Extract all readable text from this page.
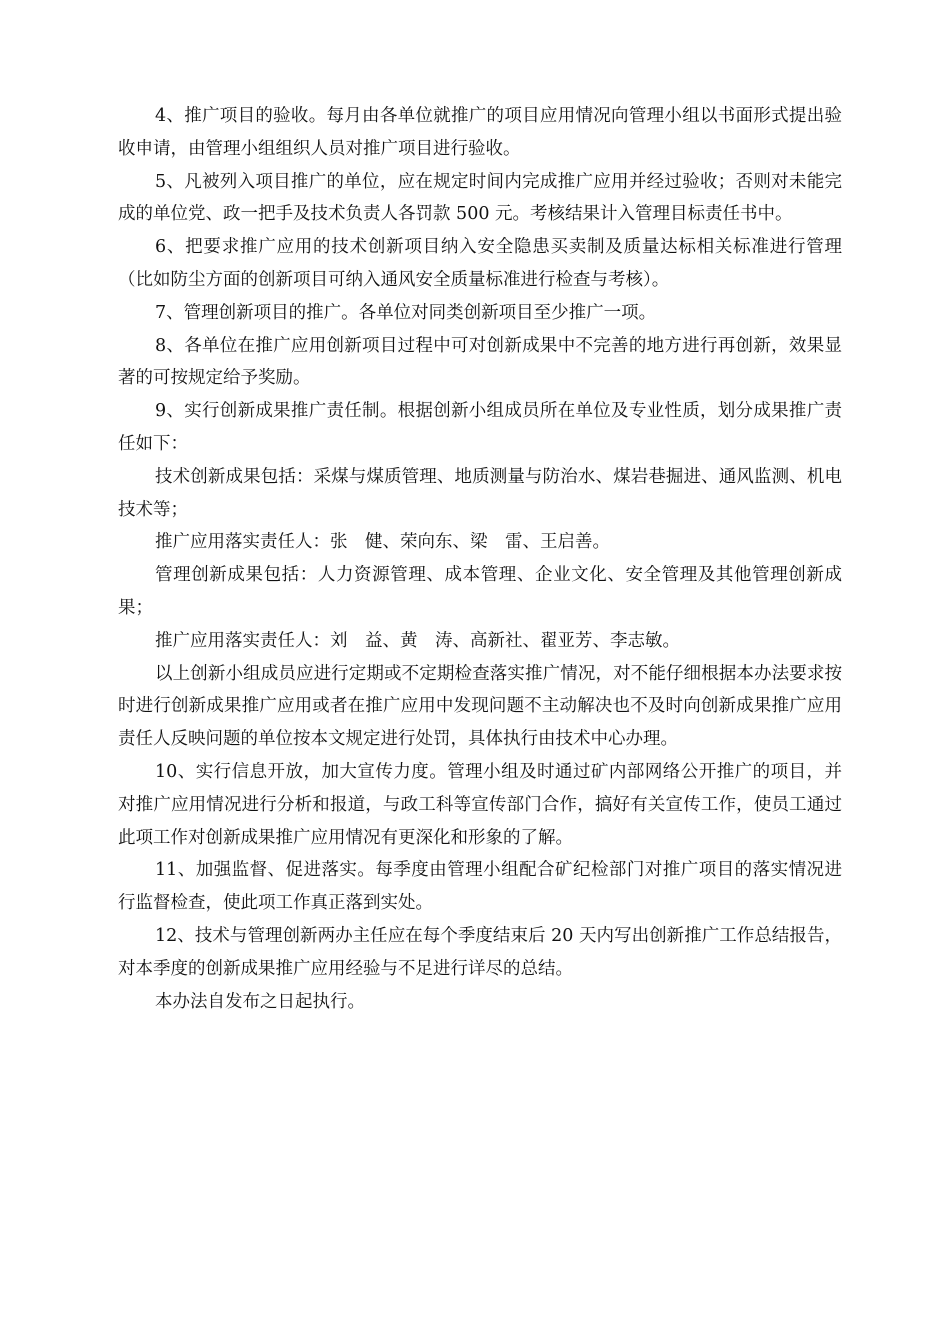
4、推广项目的验收。每月由各单位就推广的项目应用情况向管理小组以书面形式提出验收申请，由管理小组组织人员对推广项目进行验收。

5、凡被列入项目推广的单位，应在规定时间内完成推广应用并经过验收；否则对未能完成的单位党、政一把手及技术负责人各罚款 500 元。考核结果计入管理目标责任书中。

6、把要求推广应用的技术创新项目纳入安全隐患买卖制及质量达标相关标准进行管理（比如防尘方面的创新项目可纳入通风安全质量标准进行检查与考核）。

7、管理创新项目的推广。各单位对同类创新项目至少推广一项。

8、各单位在推广应用创新项目过程中可对创新成果中不完善的地方进行再创新，效果显著的可按规定给予奖励。

9、实行创新成果推广责任制。根据创新小组成员所在单位及专业性质，划分成果推广责任如下：

技术创新成果包括：采煤与煤质管理、地质测量与防治水、煤岩巷掘进、通风监测、机电技术等；

推广应用落实责任人：张　健、荣向东、梁　雷、王启善。

管理创新成果包括：人力资源管理、成本管理、企业文化、安全管理及其他管理创新成果；

推广应用落实责任人：刘　益、黄　涛、高新社、翟亚芳、李志敏。

以上创新小组成员应进行定期或不定期检查落实推广情况，对不能仔细根据本办法要求按时进行创新成果推广应用或者在推广应用中发现问题不主动解决也不及时向创新成果推广应用责任人反映问题的单位按本文规定进行处罚，具体执行由技术中心办理。

10、实行信息开放，加大宣传力度。管理小组及时通过矿内部网络公开推广的项目，并对推广应用情况进行分析和报道，与政工科等宣传部门合作，搞好有关宣传工作，使员工通过此项工作对创新成果推广应用情况有更深化和形象的了解。

11、加强监督、促进落实。每季度由管理小组配合矿纪检部门对推广项目的落实情况进行监督检查，使此项工作真正落到实处。

12、技术与管理创新两办主任应在每个季度结束后 20 天内写出创新推广工作总结报告，对本季度的创新成果推广应用经验与不足进行详尽的总结。

本办法自发布之日起执行。
